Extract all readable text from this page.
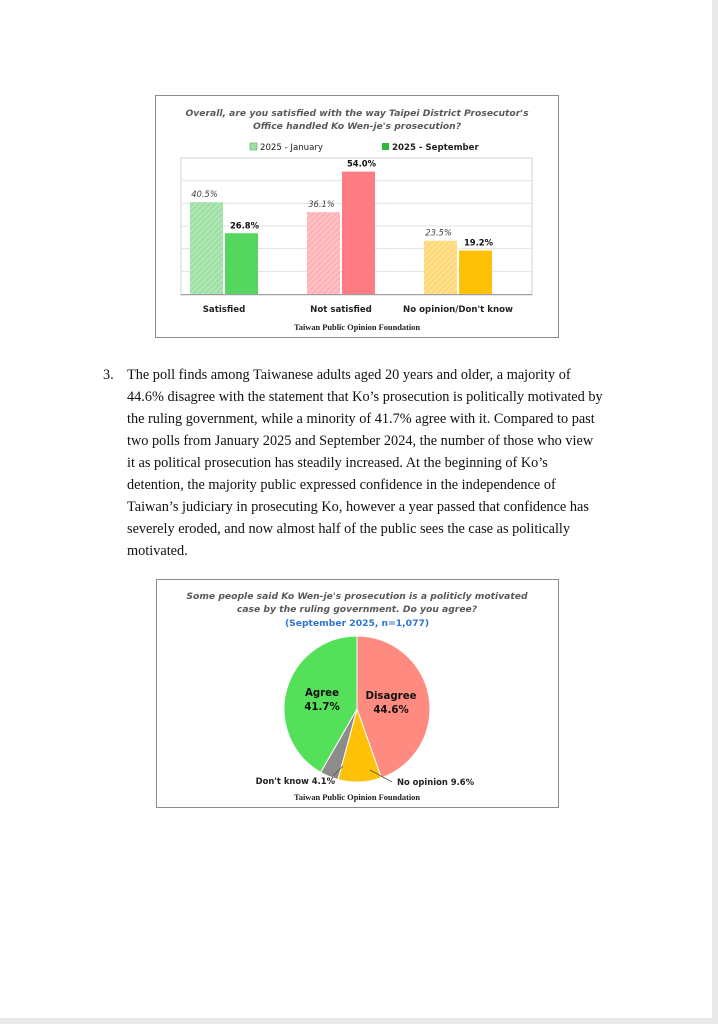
Overall, are you satisfied with the way Taipei District Prosecutor's
Office handled Ko Wen-je's prosecution?
2025 - January	2025 - September
40.5%
26.8%
36.1%
54.0%
23.5%
19.2%
Satisfied	Not satisfied	No opinion/Don't know
Taiwan Public Opinion Foundation
3. The poll finds among Taiwanese adults aged 20 years and older, a majority of 44.6% disagree with the statement that Ko’s prosecution is politically motivated by the ruling government, while a minority of 41.7% agree with it. Compared to past two polls from January 2025 and September 2024, the number of those who view it as political prosecution has steadily increased. At the beginning of Ko’s detention, the majority public expressed confidence in the independence of Taiwan’s judiciary in prosecuting Ko, however a year passed that confidence has severely eroded, and now almost half of the public sees the case as politically motivated.
Some people said Ko Wen-je's prosecution is a politicly motivated
case by the ruling government. Do you agree?
(September 2025, n=1,077)
Agree
41.7%
Disagree
44.6%
Don't know 4.1%	No opinion 9.6%
Taiwan Public Opinion Foundation
